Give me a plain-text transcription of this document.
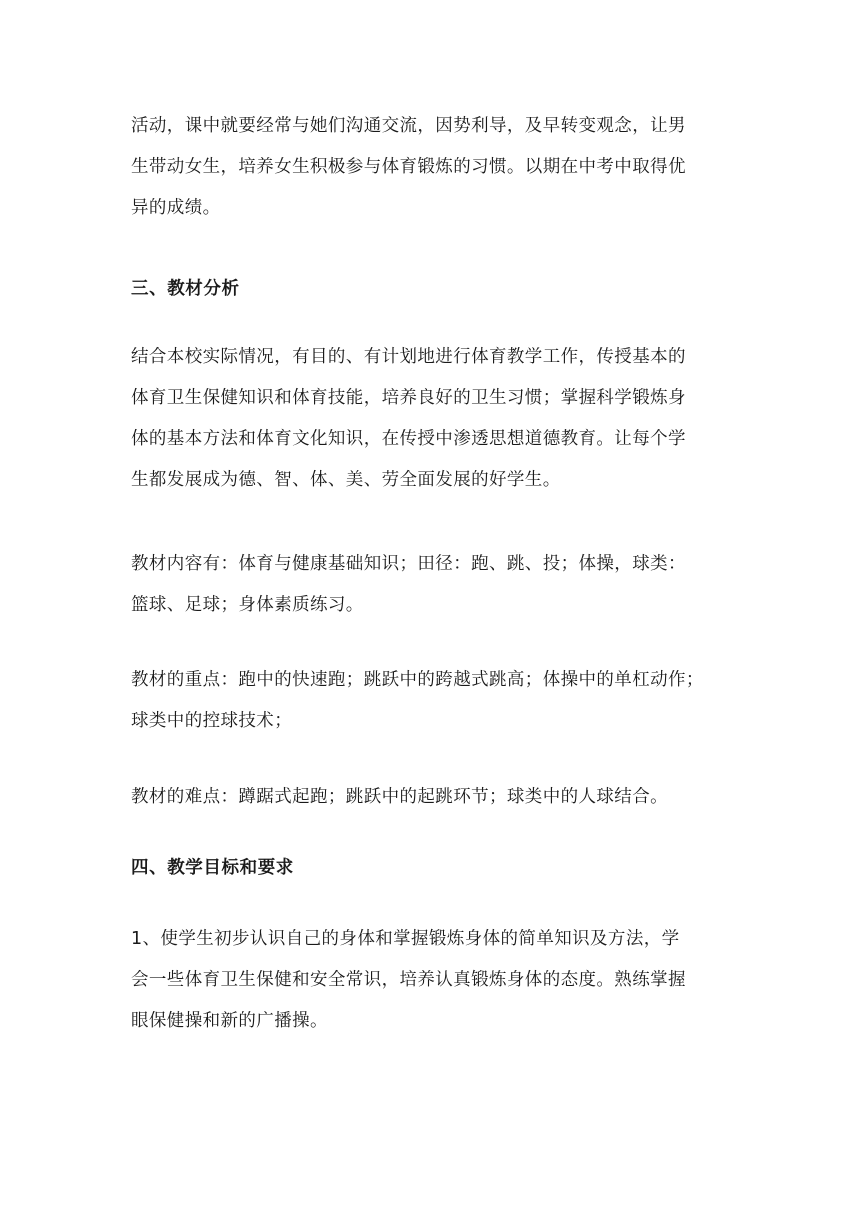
活动，课中就要经常与她们沟通交流，因势利导，及早转变观念，让男
生带动女生，培养女生积极参与体育锻炼的习惯。以期在中考中取得优
异的成绩。
三、教材分析
结合本校实际情况，有目的、有计划地进行体育教学工作，传授基本的
体育卫生保健知识和体育技能，培养良好的卫生习惯；掌握科学锻炼身
体的基本方法和体育文化知识，在传授中渗透思想道德教育。让每个学
生都发展成为德、智、体、美、劳全面发展的好学生。
教材内容有：体育与健康基础知识；田径：跑、跳、投；体操，球类：
篮球、足球；身体素质练习。
教材的重点：跑中的快速跑；跳跃中的跨越式跳高；体操中的单杠动作；
球类中的控球技术；
教材的难点：蹲踞式起跑；跳跃中的起跳环节；球类中的人球结合。
四、教学目标和要求
1、使学生初步认识自己的身体和掌握锻炼身体的简单知识及方法，学
会一些体育卫生保健和安全常识，培养认真锻炼身体的态度。熟练掌握
眼保健操和新的广播操。
